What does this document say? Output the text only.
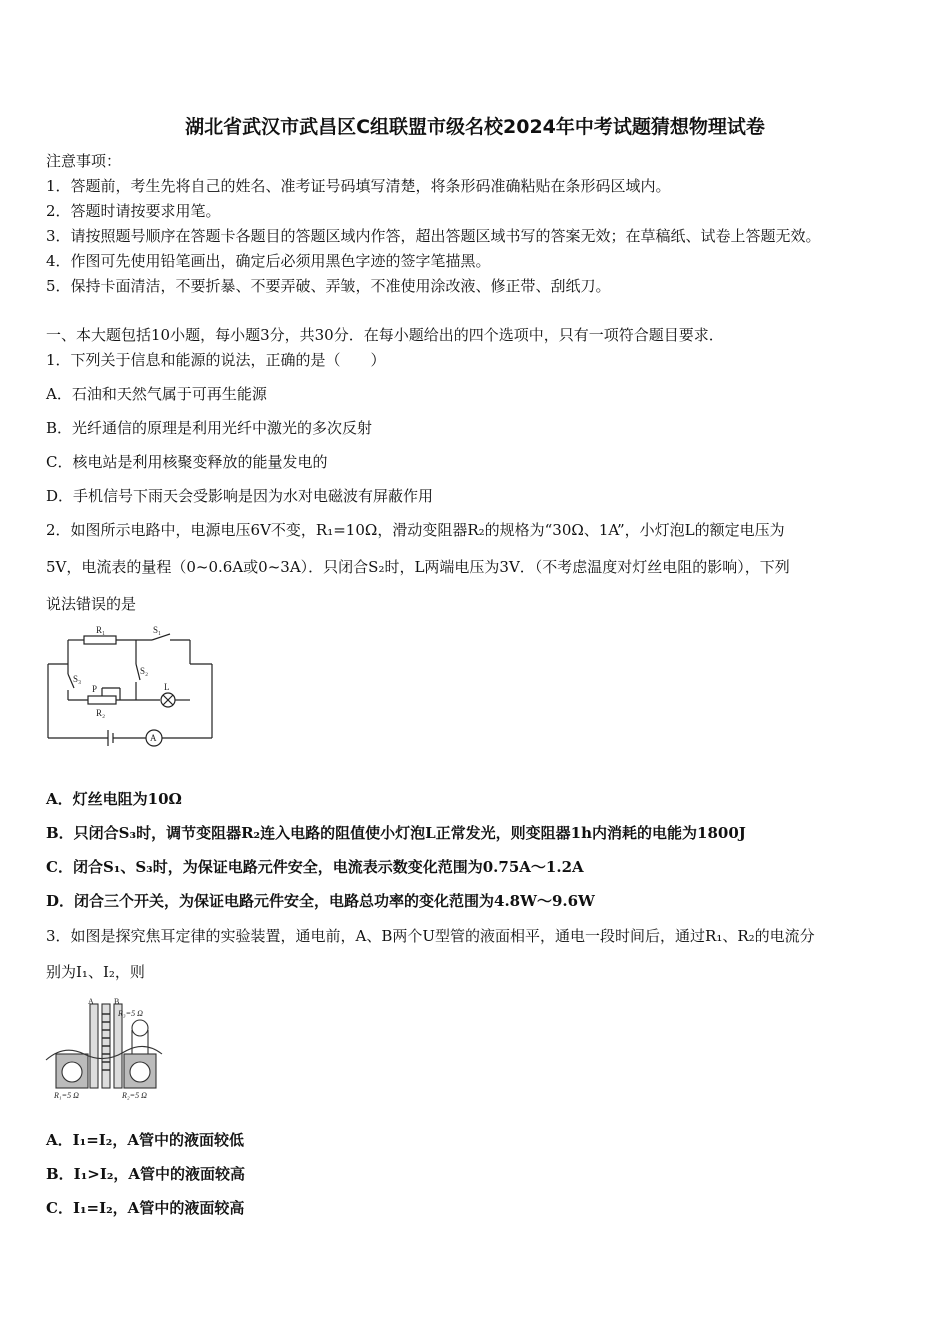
湖北省武汉市武昌区C组联盟市级名校2024年中考试题猜想物理试卷
注意事项：
1．答题前，考生先将自己的姓名、准考证号码填写清楚，将条形码准确粘贴在条形码区域内。
2．答题时请按要求用笔。
3．请按照题号顺序在答题卡各题目的答题区域内作答，超出答题区域书写的答案无效；在草稿纸、试卷上答题无效。
4．作图可先使用铅笔画出，确定后必须用黑色字迹的签字笔描黑。
5．保持卡面清洁，不要折暴、不要弄破、弄皱，不准使用涂改液、修正带、刮纸刀。
一、本大题包括10小题，每小题3分，共30分．在每小题给出的四个选项中，只有一项符合题目要求．
1．下列关于信息和能源的说法，正确的是（　　）
A．石油和天然气属于可再生能源
B．光纤通信的原理是利用光纤中激光的多次反射
C．核电站是利用核聚变释放的能量发电的
D．手机信号下雨天会受影响是因为水对电磁波有屏蔽作用
2．如图所示电路中，电源电压6V不变，R₁=10Ω，滑动变阻器R₂的规格为“30Ω、1A”，小灯泡L的额定电压为
5V，电流表的量程（0~0.6A或0~3A）．只闭合S₂时，L两端电压为3V．（不考虑温度对灯丝电阻的影响），下列
说法错误的是
R₁	S₁
S₂
S₃
P
R₂
L
A
A．灯丝电阻为10Ω
B．只闭合S₃时，调节变阻器R₂连入电路的阻值使小灯泡L正常发光，则变阻器1h内消耗的电能为1800J
C．闭合S₁、S₃时，为保证电路元件安全，电流表示数变化范围为0.75A～1.2A
D．闭合三个开关，为保证电路元件安全，电路总功率的变化范围为4.8W～9.6W
3．如图是探究焦耳定律的实验装置，通电前，A、B两个U型管的液面相平，通电一段时间后，通过R₁、R₂的电流分
别为I₁、I₂，则
A	B
R₃=5 Ω
R₁=5 Ω	R₂=5 Ω
A．I₁=I₂，A管中的液面较低
B．I₁>I₂，A管中的液面较高
C．I₁=I₂，A管中的液面较高
